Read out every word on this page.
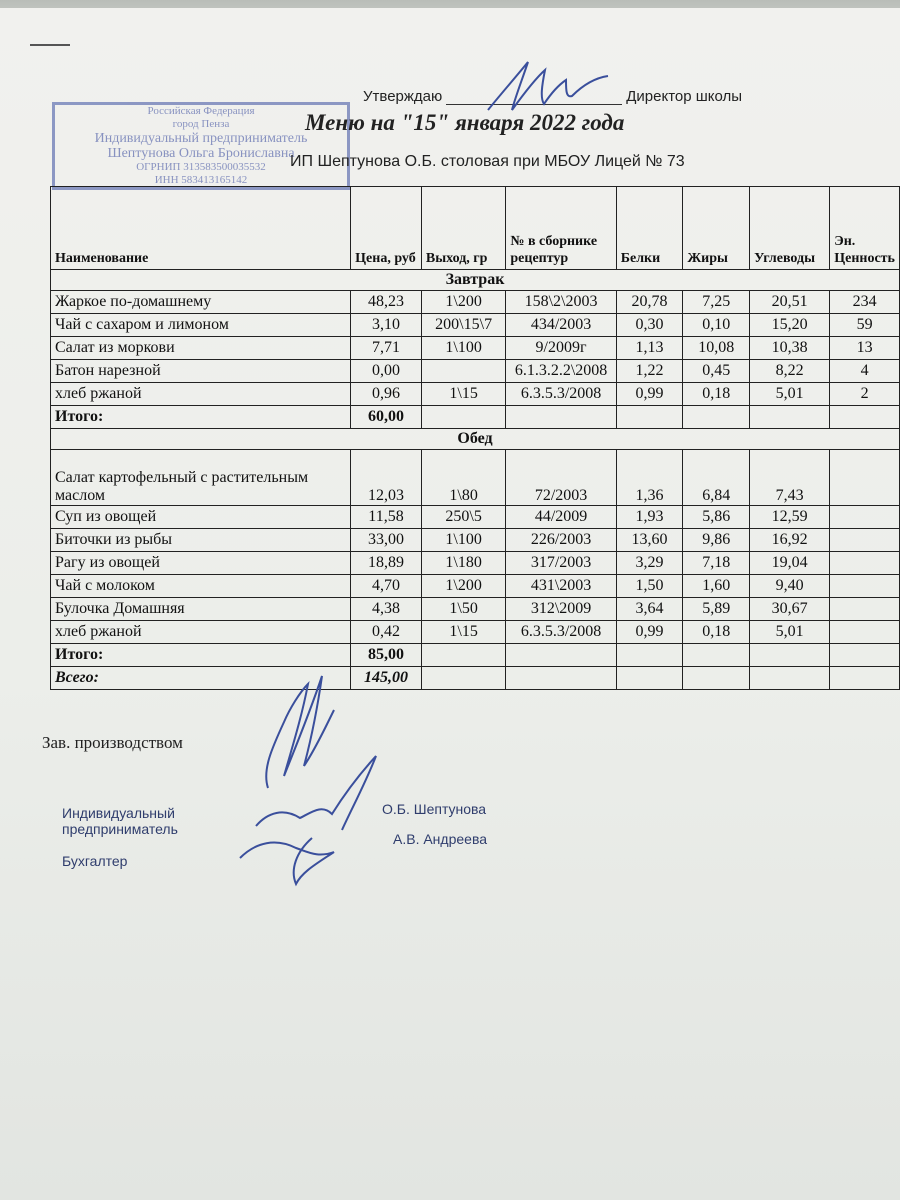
Российская Федерация
город Пенза
Индивидуальный предприниматель
Шептунова Ольга Брониславна
ОГРНИП 313583500035532
ИНН 583413165142
Утверждаю	Директор школы
Меню на "15" января 2022 года
ИП Шептунова О.Б. столовая при МБОУ Лицей № 73
Наименование	Цена, руб	Выход, гр	№ в сборнике рецептур	Белки	Жиры	Углеводы	Эн. Ценность
Завтрак							
Жаркое по-домашнему	48,23	1\200	158\2\2003	20,78	7,25	20,51	234
Чай с сахаром и лимоном	3,10	200\15\7	434/2003	0,30	0,10	15,20	59
Салат из моркови	7,71	1\100	9/2009г	1,13	10,08	10,38	13
Батон нарезной	0,00		6.1.3.2.2\2008	1,22	0,45	8,22	4
хлеб ржаной	0,96	1\15	6.3.5.3/2008	0,99	0,18	5,01	2
Итого:	60,00						
Обед							
Салат картофельный с растительным маслом	12,03	1\80	72/2003	1,36	6,84	7,43	
Суп из овощей	11,58	250\5	44/2009	1,93	5,86	12,59	
Биточки из рыбы	33,00	1\100	226/2003	13,60	9,86	16,92	
Рагу из овощей	18,89	1\180	317/2003	3,29	7,18	19,04	
Чай с молоком	4,70	1\200	431\2003	1,50	1,60	9,40	
Булочка Домашняя	4,38	1\50	312\2009	3,64	5,89	30,67	
хлеб ржаной	0,42	1\15	6.3.5.3/2008	0,99	0,18	5,01	
Итого:	85,00						
Всего:	145,00						
Зав. производством
Индивидуальный
предприниматель
Бухгалтер
О.Б. Шептунова
А.В. Андреева
